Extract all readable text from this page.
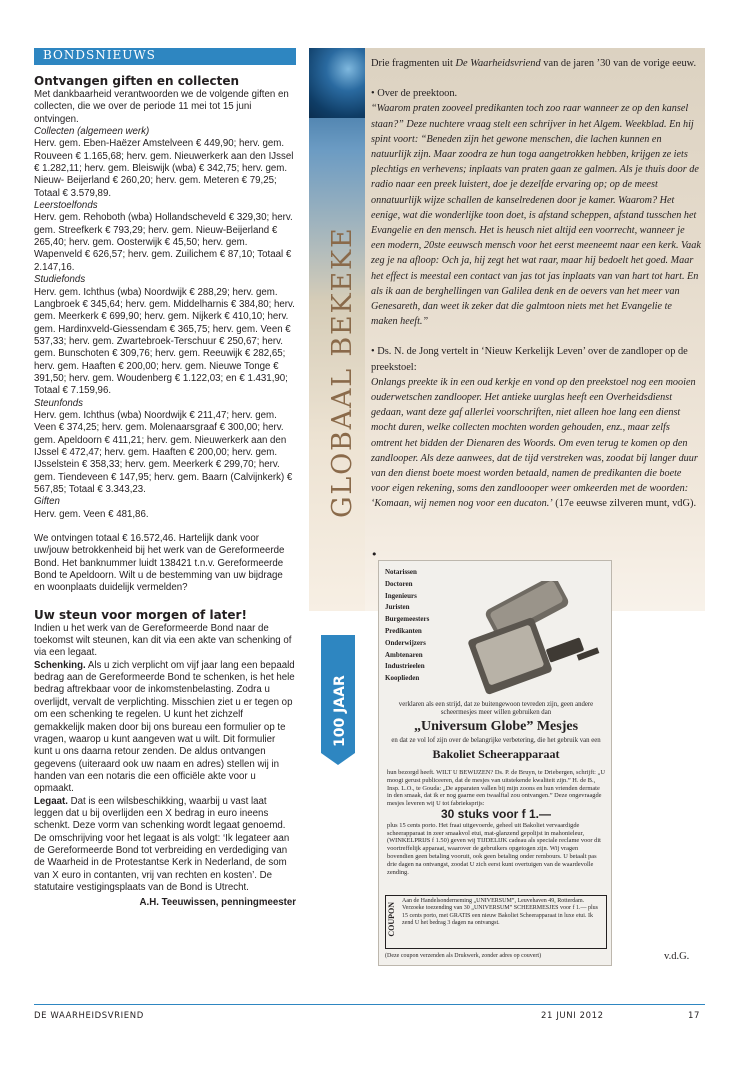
BONDSNIEUWS
Ontvangen giften en collecten

Met dankbaarheid verantwoorden we de volgende giften en collecten, die we over de periode 11 mei tot 15 juni ontvingen.

Collecten (algemeen werk)

Herv. gem. Eben-Haëzer Amstelveen € 449,90; herv. gem. Rouveen € 1.165,68; herv. gem. Nieuwerkerk aan den IJssel € 1.282,11; herv. gem. Bleiswijk (wba) € 342,75; herv. gem. Nieuw- Beijerland € 260,20; herv. gem. Meteren € 79,25; Totaal € 3.579,89.

Leerstoelfonds

Herv. gem. Rehoboth (wba) Hollandscheveld € 329,30; herv. gem. Streefkerk € 793,29; herv. gem. Nieuw-Beijerland € 265,40; herv. gem. Oosterwijk € 45,50; herv. gem. Wapenveld € 626,57; herv. gem. Zuilichem € 87,10; Totaal € 2.147,16.

Studiefonds

Herv. gem. Ichthus (wba) Noordwijk € 288,29; herv. gem. Langbroek € 345,64; herv. gem. Middelharnis € 384,80; herv. gem. Meerkerk € 699,90; herv. gem. Nijkerk € 410,10; herv. gem. Hardinxveld-Giessendam € 365,75; herv. gem. Veen € 537,33; herv. gem. Zwartebroek-Terschuur € 250,67; herv. gem. Bunschoten € 309,76; herv. gem. Reeuwijk € 282,65; herv. gem. Haaften € 200,00; herv. gem. Nieuwe Tonge € 391,50; herv. gem. Woudenberg € 1.122,03; en € 1.431,90; Totaal € 7.159,96.

Steunfonds

Herv. gem. Ichthus (wba) Noordwijk € 211,47; herv. gem. Veen € 374,25; herv. gem. Molenaarsgraaf € 300,00; herv. gem. Apeldoorn € 411,21; herv. gem. Nieuwerkerk aan den IJssel € 472,47; herv. gem. Haaften € 200,00; herv. gem. IJsselstein € 358,33; herv. gem. Meerkerk € 299,70; herv. gem. Tiendeveen € 147,95; herv. gem. Baarn (Calvijnkerk) € 567,85; Totaal € 3.343,23.

Giften

Herv. gem. Veen € 481,86.

We ontvingen totaal € 16.572,46. Hartelijk dank voor uw/jouw betrokkenheid bij het werk van de Gereformeerde Bond. Het banknummer luidt 138421 t.n.v. Gereformeerde Bond te Apeldoorn. Wilt u de bestemming van uw bijdrage en woonplaats duidelijk vermelden?

Uw steun voor morgen of later!

Indien u het werk van de Gereformeerde Bond naar de toekomst wilt steunen, kan dit via een akte van schenking of via een legaat.

Schenking. Als u zich verplicht om vijf jaar lang een bepaald bedrag aan de Gereformeerde Bond te schenken, is het hele bedrag aftrekbaar voor de inkomstenbelasting. Zodra u overlijdt, vervalt de verplichting. Misschien ziet u er tegen op om een schenking te regelen. U kunt het zichzelf gemakkelijk maken door bij ons bureau een formulier op te vragen, waarop u kunt aangeven wat u wilt. Dit formulier kunt u ons daarna retour zenden. De aldus ontvangen gegevens (uiteraard ook uw naam en adres) stellen wij in handen van een notaris die een officiële akte voor u opmaakt.

Legaat. Dat is een wilsbeschikking, waarbij u vast laat leggen dat u bij overlijden een X bedrag in euro ineens schenkt. Deze vorm van schenking wordt legaat genoemd. De omschrijving voor het legaat is als volgt: ‘Ik legateer aan de Gereformeerde Bond tot verbreiding en verdediging van de Waarheid in de Protestantse Kerk in Nederland, de som van X euro in contanten, vrij van rechten en kosten’. De statutaire vestigingsplaats van de Bond is Utrecht.

A.H. Teeuwissen, penningmeester

GLOBAAL BEKEKEN
100 JAAR

Drie fragmenten uit De Waarheidsvriend van de jaren ’30 van de vorige eeuw.

• Over de preektoon.

“Waarom praten zooveel predikanten toch zoo raar wanneer ze op den kansel staan?” Deze nuchtere vraag stelt een schrijver in het Algem. Weekblad. En hij spint voort: “Beneden zijn het gewone menschen, die lachen kunnen en natuurlijk zijn. Maar zoodra ze hun toga aangetrokken hebben, krijgen ze iets plechtigs en verhevens; inplaats van praten gaan ze galmen. Als je thuis door de radio naar een preek luistert, doe je dezelfde ervaring op; op de meest onnatuurlijk wijze schallen de kanselredenen door je kamer. Waarom? Het eenige, wat die wonderlijke toon doet, is afstand scheppen, afstand tusschen het Evangelie en den mensch. Het is heusch niet altijd een voorrecht, wanneer je een modern, 20ste eeuwsch mensch voor het eerst meeneemt naar een kerk. Vaak zeg je na afloop: Och ja, hij zegt het wat raar, maar hij bedoelt het goed. Maar het effect is meestal een contact van jas tot jas inplaats van van hart tot hart. En als ik aan de berghellingen van Galilea denk en de oevers van het meer van Genesareth, dan weet ik zeker dat die galmtoon niets met het Evangelie te maken heeft.”

• Ds. N. de Jong vertelt in ‘Nieuw Kerkelijk Leven’ over de zandloper op de preekstoel:

Onlangs preekte ik in een oud kerkje en vond op den preekstoel nog een mooien ouderwetschen zandlooper. Het antieke uurglas heeft een Overheidsdienst gedaan, want deze gaf allerlei voorschriften, niet alleen hoe lang een dienst mocht duren, welke collecten mochten worden gehouden, enz., maar zelfs omtrent het bidden der Dienaren des Woords. Om even terug te komen op den zandlooper. Als deze aanwees, dat de tijd verstreken was, zoodat bij langer duur van den dienst boete moest worden betaald, namen de predikanten die boete voor eigen rekening, soms den zandloooper weer omkeerden met de woorden: ‘Komaan, wij nemen nog voor een ducaton.’ (17e eeuwse zilveren munt, vdG).

•
Notarissen
Doctoren
Ingenieurs
Juristen
Burgemeesters
Predikanten
Onderwijzers
Ambtenaren
Industrieelen
Kooplieden
verklaren als een strijd, dat ze buitengewoon tevreden zijn, geen andere scheermesjes meer willen gebruiken dan
„Universum Globe” Mesjes
en dat ze vol lof zijn over de belangrijke verbetering, die het gebruik van een
Bakoliet Scheerapparaat
hun bezorgd heeft. WILT U BEWIJZEN? Ds. P. de Bruyn, te Driebergen, schrijft: „U moogt gerust publiceeren, dat de mesjes van uitstekende kwaliteit zijn.” H. de B., Insp. L.O., te Gouda: „De apparaten vallen bij mijn zoons en hun vrienden dermate in den smaak, dat ik er nog gaarne een twaalftal zou ontvangen.” Deze ongevraagde mesjes leveren wij U tot fabrieksprijs:
30 stuks voor f 1.—
plus 15 cents porto. Het fraai uitgevoerde, geheel uit Bakoliet vervaardigde scheerapparaat in zeer smaakvol etui, mat-glanzend gepolijst in mahonieleur, (WINKELPRIJS f 1.50) geven wij TIJDELIJK cadeau als speciale reclame voor dit voortreffelijk apparaat, waarover de gebruikers opgetogen zijn. Wij vragen bovendien geen betaling vooruit, ook geen betaling onder rembours. U betaalt pas drie dagen na ontvangst, zoodat U zich eerst kunt overtuigen van de waardevolle zending.
COUPON
Aan de Handelsonderneming „UNIVERSUM”, Leuvehaven 49, Rotterdam. Verzoeke toezending van 30 „UNIVERSUM” SCHEERMESJES voor f 1.— plus 15 cents porto, met GRATIS een nieuw Bakoliet Scheerapparaat in luxe etui. Ik zend U het bedrag 3 dagen na ontvangst.
(Deze coupon verzenden als Drukwerk, zonder adres op couvert)	v.d.G.
DE WAARHEIDSVRIEND	21 JUNI 2012	17
